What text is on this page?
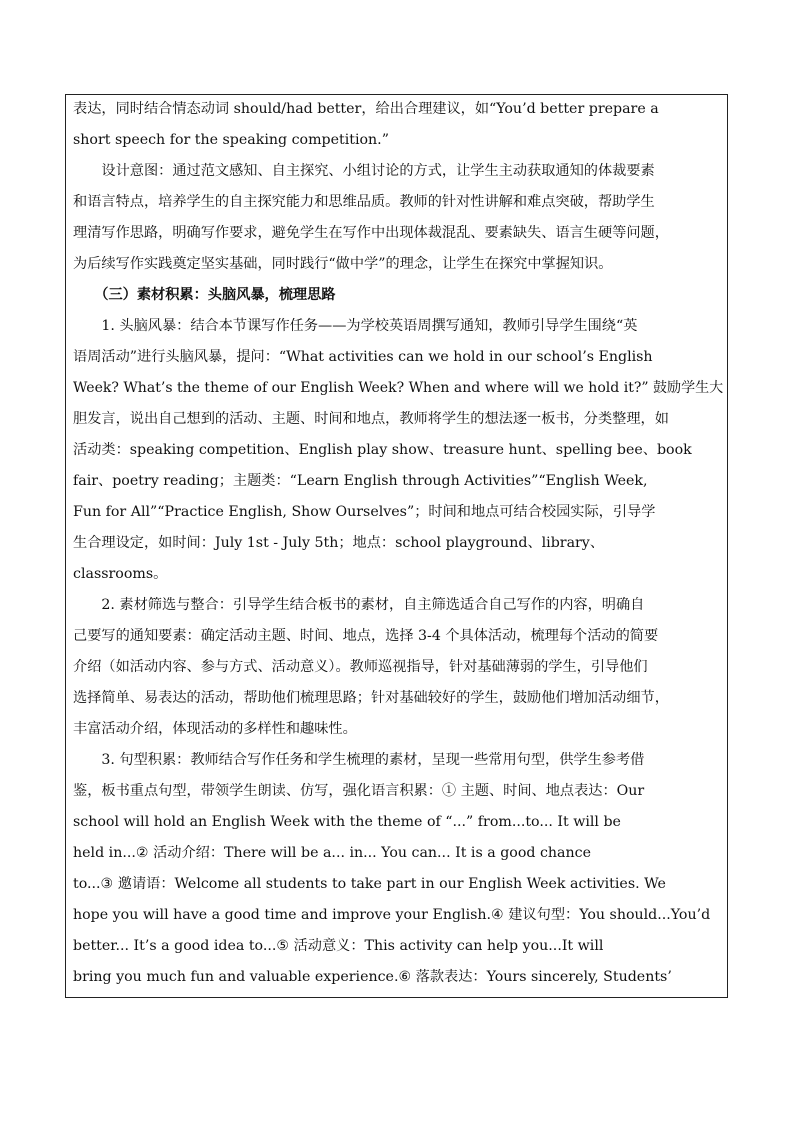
表达，同时结合情态动词 should/had better，给出合理建议，如“You’d better prepare a
short speech for the speaking competition.”
　　设计意图：通过范文感知、自主探究、小组讨论的方式，让学生主动获取通知的体裁要素
和语言特点，培养学生的自主探究能力和思维品质。教师的针对性讲解和难点突破，帮助学生
理清写作思路，明确写作要求，避免学生在写作中出现体裁混乱、要素缺失、语言生硬等问题，
为后续写作实践奠定坚实基础，同时践行“做中学”的理念，让学生在探究中掌握知识。
　　（三）素材积累：头脑风暴，梳理思路
　　1. 头脑风暴：结合本节课写作任务——为学校英语周撰写通知，教师引导学生围绕“英
语周活动”进行头脑风暴，提问：“What activities can we hold in our school’s English
Week? What’s the theme of our English Week? When and where will we hold it?” 鼓励学生大
胆发言，说出自己想到的活动、主题、时间和地点，教师将学生的想法逐一板书，分类整理，如
活动类：speaking competition、English play show、treasure hunt、spelling bee、book
fair、poetry reading；主题类：“Learn English through Activities”“English Week,
Fun for All”“Practice English, Show Ourselves”；时间和地点可结合校园实际，引导学
生合理设定，如时间：July 1st - July 5th；地点：school playground、library、
classrooms。
　　2. 素材筛选与整合：引导学生结合板书的素材，自主筛选适合自己写作的内容，明确自
己要写的通知要素：确定活动主题、时间、地点，选择 3-4 个具体活动，梳理每个活动的简要
介绍（如活动内容、参与方式、活动意义）。教师巡视指导，针对基础薄弱的学生，引导他们
选择简单、易表达的活动，帮助他们梳理思路；针对基础较好的学生，鼓励他们增加活动细节，
丰富活动介绍，体现活动的多样性和趣味性。
　　3. 句型积累：教师结合写作任务和学生梳理的素材，呈现一些常用句型，供学生参考借
鉴，板书重点句型，带领学生朗读、仿写，强化语言积累：① 主题、时间、地点表达：Our
school will hold an English Week with the theme of “...” from...to... It will be
held in...② 活动介绍：There will be a... in... You can... It is a good chance
to...③ 邀请语：Welcome all students to take part in our English Week activities. We
hope you will have a good time and improve your English.④ 建议句型：You should...You’d
better... It’s a good idea to...⑤ 活动意义：This activity can help you...It will
bring you much fun and valuable experience.⑥ 落款表达：Yours sincerely, Students’
